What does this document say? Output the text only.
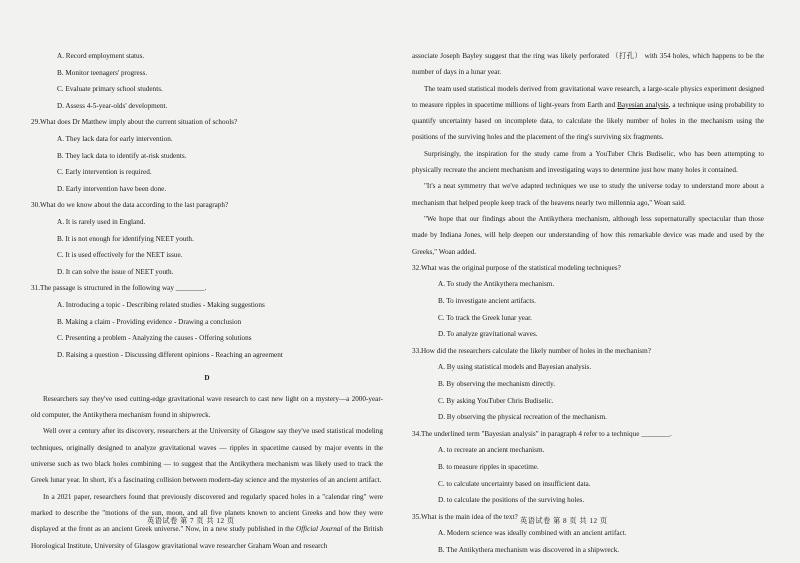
A. Record employment status.

B. Monitor teenagers' progress.

C. Evaluate primary school students.

D. Assess 4-5-year-olds' development.

29.What does Dr Matthew imply about the current situation of schools?

A. They lack data for early intervention.

B. They lack data to identify at-risk students.

C. Early intervention is required.

D. Early intervention have been done.

30.What do we know about the data according to the last paragraph?

A. It is rarely used in England.

B. It is not enough for identifying NEET youth.

C. It is used effectively for the NEET issue.

D. It can solve the issue of NEET youth.

31.The passage is structured in the following way ________.

A. Introducing a topic - Describing related studies - Making suggestions

B. Making a claim - Providing evidence - Drawing a conclusion

C. Presenting a problem - Analyzing the causes - Offering solutions

D. Raising a question - Discussing different opinions - Reaching an agreement

D

Researchers say they've used cutting-edge gravitational wave research to cast new light on a mystery—a 2000-year-old computer, the Antikythera mechanism found in shipwreck.

Well over a century after its discovery, researchers at the University of Glasgow say they've used statistical modeling techniques, originally designed to analyze gravitational waves — ripples in spacetime caused by major events in the universe such as two black holes combining — to suggest that the Antikythera mechanism was likely used to track the Greek lunar year. In short, it's a fascinating collision between modern-day science and the mysteries of an ancient artifact.

In a 2021 paper, researchers found that previously discovered and regularly spaced holes in a "calendar ring" were marked to describe the "motions of the sun, moon, and all five planets known to ancient Greeks and how they were displayed at the front as an ancient Greek universe." Now, in a new study published in the Official Journal of the British Horological Institute, University of Glasgow gravitational wave researcher Graham Woan and research

英语试卷 第 7 页 共 12 页

associate Joseph Bayley suggest that the ring was likely perforated （打孔） with 354 holes, which happens to be the number of days in a lunar year.

The team used statistical models derived from gravitational wave research, a large-scale physics experiment designed to measure ripples in spacetime millions of light-years from Earth and Bayesian analysis, a technique using probability to quantify uncertainty based on incomplete data, to calculate the likely number of holes in the mechanism using the positions of the surviving holes and the placement of the ring's surviving six fragments.

Surprisingly, the inspiration for the study came from a YouTuber Chris Budiselic, who has been attempting to physically recreate the ancient mechanism and investigating ways to determine just how many holes it contained.

"It's a neat symmetry that we've adapted techniques we use to study the universe today to understand more about a mechanism that helped people keep track of the heavens nearly two millennia ago," Woan said.

"We hope that our findings about the Antikythera mechanism, although less supernaturally spectacular than those made by Indiana Jones, will help deepen our understanding of how this remarkable device was made and used by the Greeks," Woan added.

32.What was the original purpose of the statistical modeling techniques?

A. To study the Antikythera mechanism.

B. To investigate ancient artifacts.

C. To track the Greek lunar year.

D. To analyze gravitational waves.

33.How did the researchers calculate the likely number of holes in the mechanism?

A. By using statistical models and Bayesian analysis.

B. By observing the mechanism directly.

C. By asking YouTuber Chris Budiselic.

D. By observing the physical recreation of the mechanism.

34.The underlined term "Bayesian analysis" in paragraph 4 refer to a technique ________.

A. to recreate an ancient mechanism.

B. to measure ripples in spacetime.

C. to calculate uncertainty based on insufficient data.

D. to calculate the positions of the surviving holes.

35.What is the main idea of the text?

A. Modern science was ideally combined with an ancient artifact.

B. The Antikythera mechanism was discovered in a shipwreck.

英语试卷 第 8 页 共 12 页
